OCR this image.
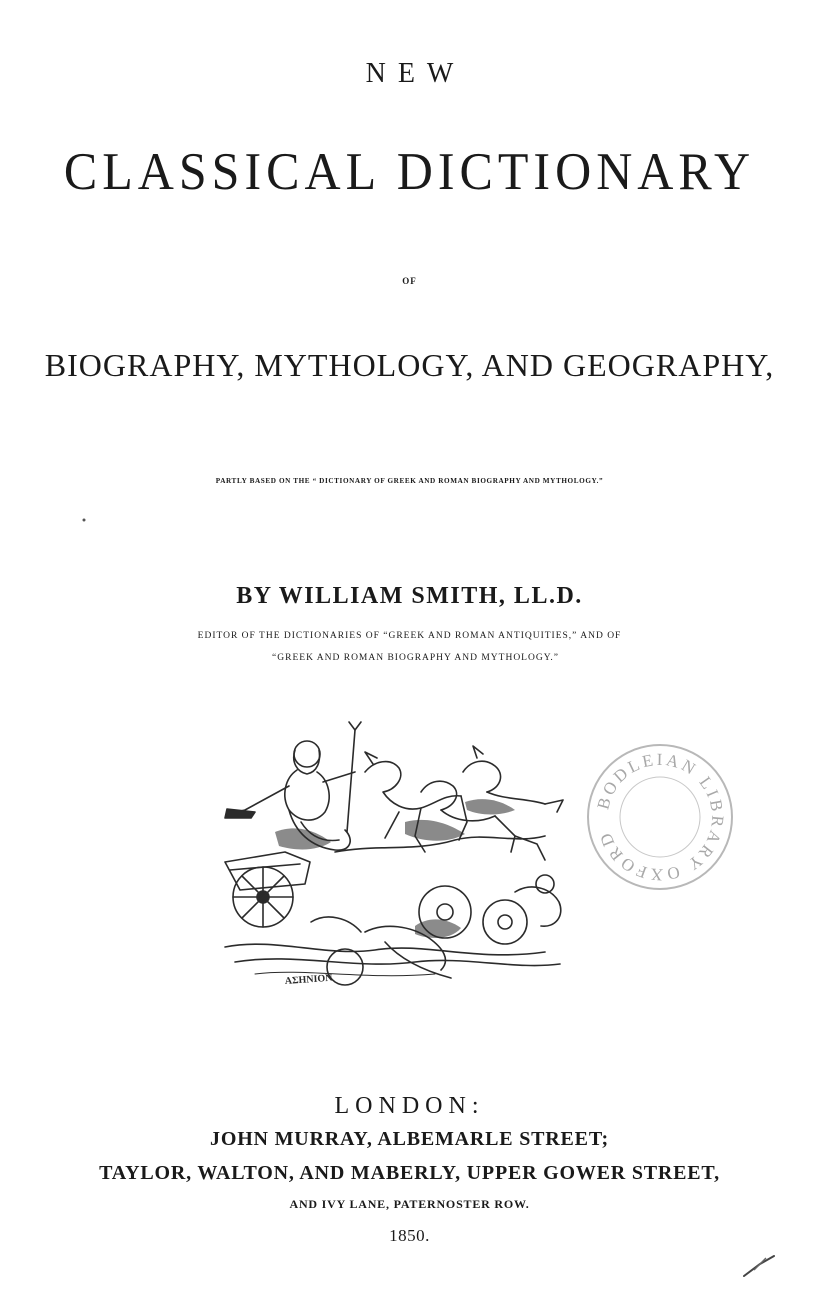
NEW
CLASSICAL DICTIONARY
OF
BIOGRAPHY, MYTHOLOGY, AND GEOGRAPHY,
PARTLY BASED ON THE “ DICTIONARY OF GREEK AND ROMAN BIOGRAPHY AND MYTHOLOGY.”
BY WILLIAM SMITH, LL.D.
EDITOR OF THE DICTIONARIES OF “GREEK AND ROMAN ANTIQUITIES,” AND OF
“GREEK AND ROMAN BIOGRAPHY AND MYTHOLOGY.”
ΑΣΗΝΙΟΝ
BODLEIAN LIBRARY OXFORD
LONDON:
JOHN MURRAY, ALBEMARLE STREET;
TAYLOR, WALTON, AND MABERLY, UPPER GOWER STREET,
AND IVY LANE, PATERNOSTER ROW.
1850.
